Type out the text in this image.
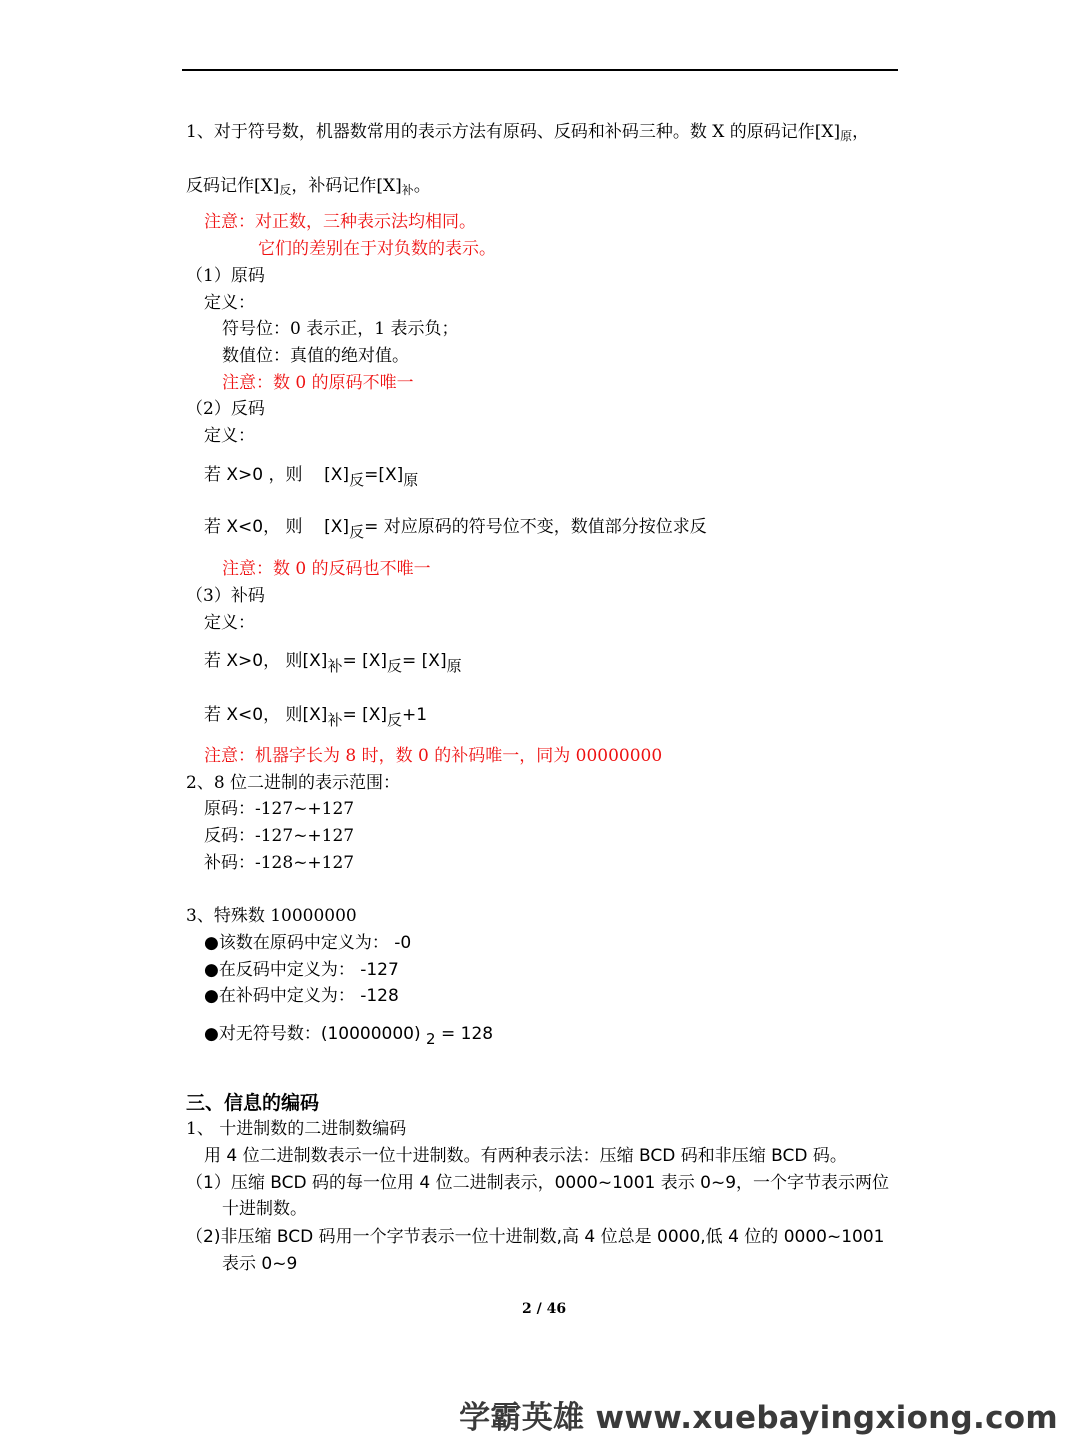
1、对于符号数，机器数常用的表示方法有原码、反码和补码三种。数 X 的原码记作$[X]_原$，
反码记作$[X]_反$，补码记作$[X]_补$。
注意：对正数，三种表示法均相同。
它们的差别在于对负数的表示。
（1）原码
定义：
符号位：0 表示正，1 表示负；
数值位：真值的绝对值。
注意：数 0 的原码不唯一
（2）反码
定义：
若 X>0 ，则 [X]反=[X]原
若 X<0， 则 [X]反= 对应原码的符号位不变，数值部分按位求反
注意：数 0 的反码也不唯一
（3）补码
定义：
若 X>0， 则[X]补= [X]反= [X]原
若 X<0， 则[X]补= [X]反+1
注意：机器字长为 8 时，数 0 的补码唯一，同为 00000000
2、8 位二进制的表示范围：
原码：-127~+127
反码：-127~+127
补码：-128~+127
3、特殊数 10000000
●该数在原码中定义为： -0
●在反码中定义为： -127
●在补码中定义为： -128
●对无符号数：(10000000) 2 = 128
三、信息的编码
1、 十进制数的二进制数编码
用 4 位二进制数表示一位十进制数。有两种表示法：压缩 BCD 码和非压缩 BCD 码。
（1）压缩 BCD 码的每一位用 4 位二进制表示，0000~1001 表示 0~9，一个字节表示两位
十进制数。
（2)非压缩 BCD 码用一个字节表示一位十进制数,高 4 位总是 0000,低 4 位的 0000~1001
表示 0~9
2 / 46
学霸英雄 www.xuebayingxiong.com
